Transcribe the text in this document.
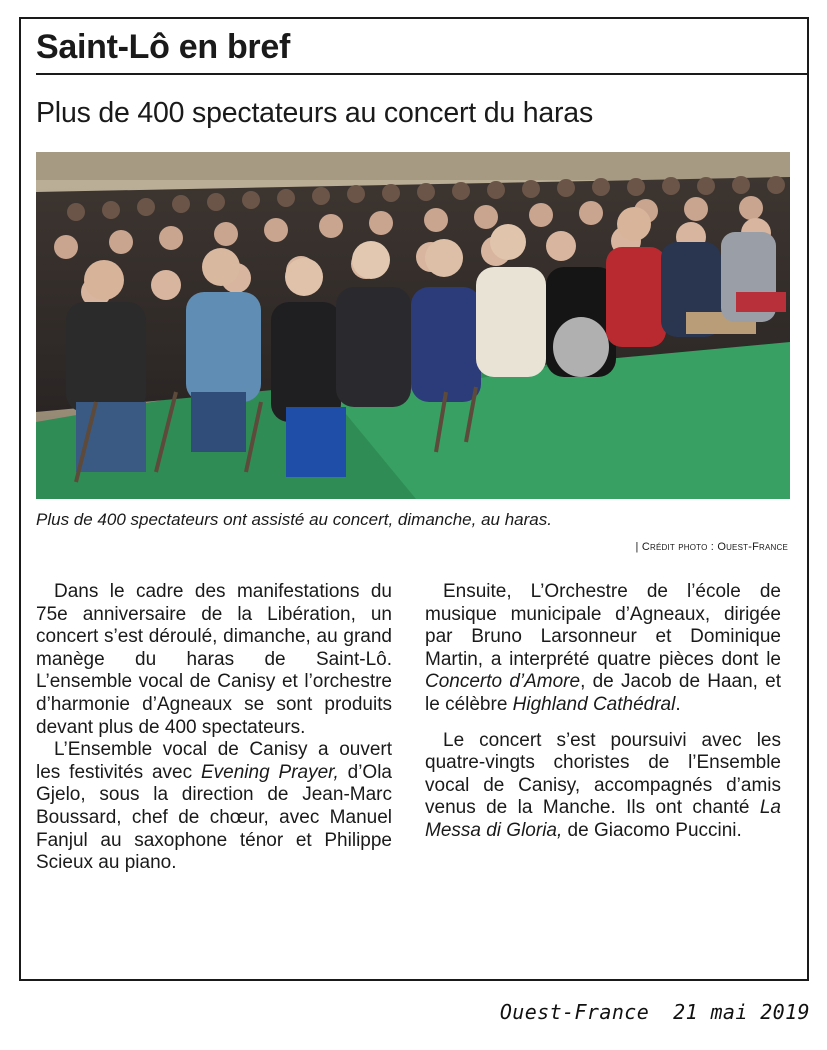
Saint-Lô en bref
Plus de 400 spectateurs au concert du haras

Plus de 400 spectateurs ont assisté au concert, dimanche, au haras.

| Crédit photo : Ouest-France

Dans le cadre des manifestations du 75e anniversaire de la Libération, un concert s’est déroulé, dimanche, au grand manège du haras de Saint-Lô. L’ensemble vocal de Canisy et l’orchestre d’harmonie d’Agneaux se sont produits devant plus de 400 spectateurs.

L’Ensemble vocal de Canisy a ouvert les festivités avec Evening Prayer, d’Ola Gjelo, sous la direction de Jean-Marc Boussard, chef de chœur, avec Manuel Fanjul au saxophone ténor et Philippe Scieux au piano.

Ensuite, L’Orchestre de l’école de musique municipale d’Agneaux, dirigée par Bruno Larsonneur et Dominique Martin, a interprété quatre pièces dont le Concerto d’Amore, de Jacob de Haan, et le célèbre Highland Cathédral.

Le concert s’est poursuivi avec les quatre-vingts choristes de l’Ensemble vocal de Canisy, accompagnés d’amis venus de la Manche. Ils ont chanté La Messa di Gloria, de Giacomo Puccini.

Ouest-France 21 mai 2019
